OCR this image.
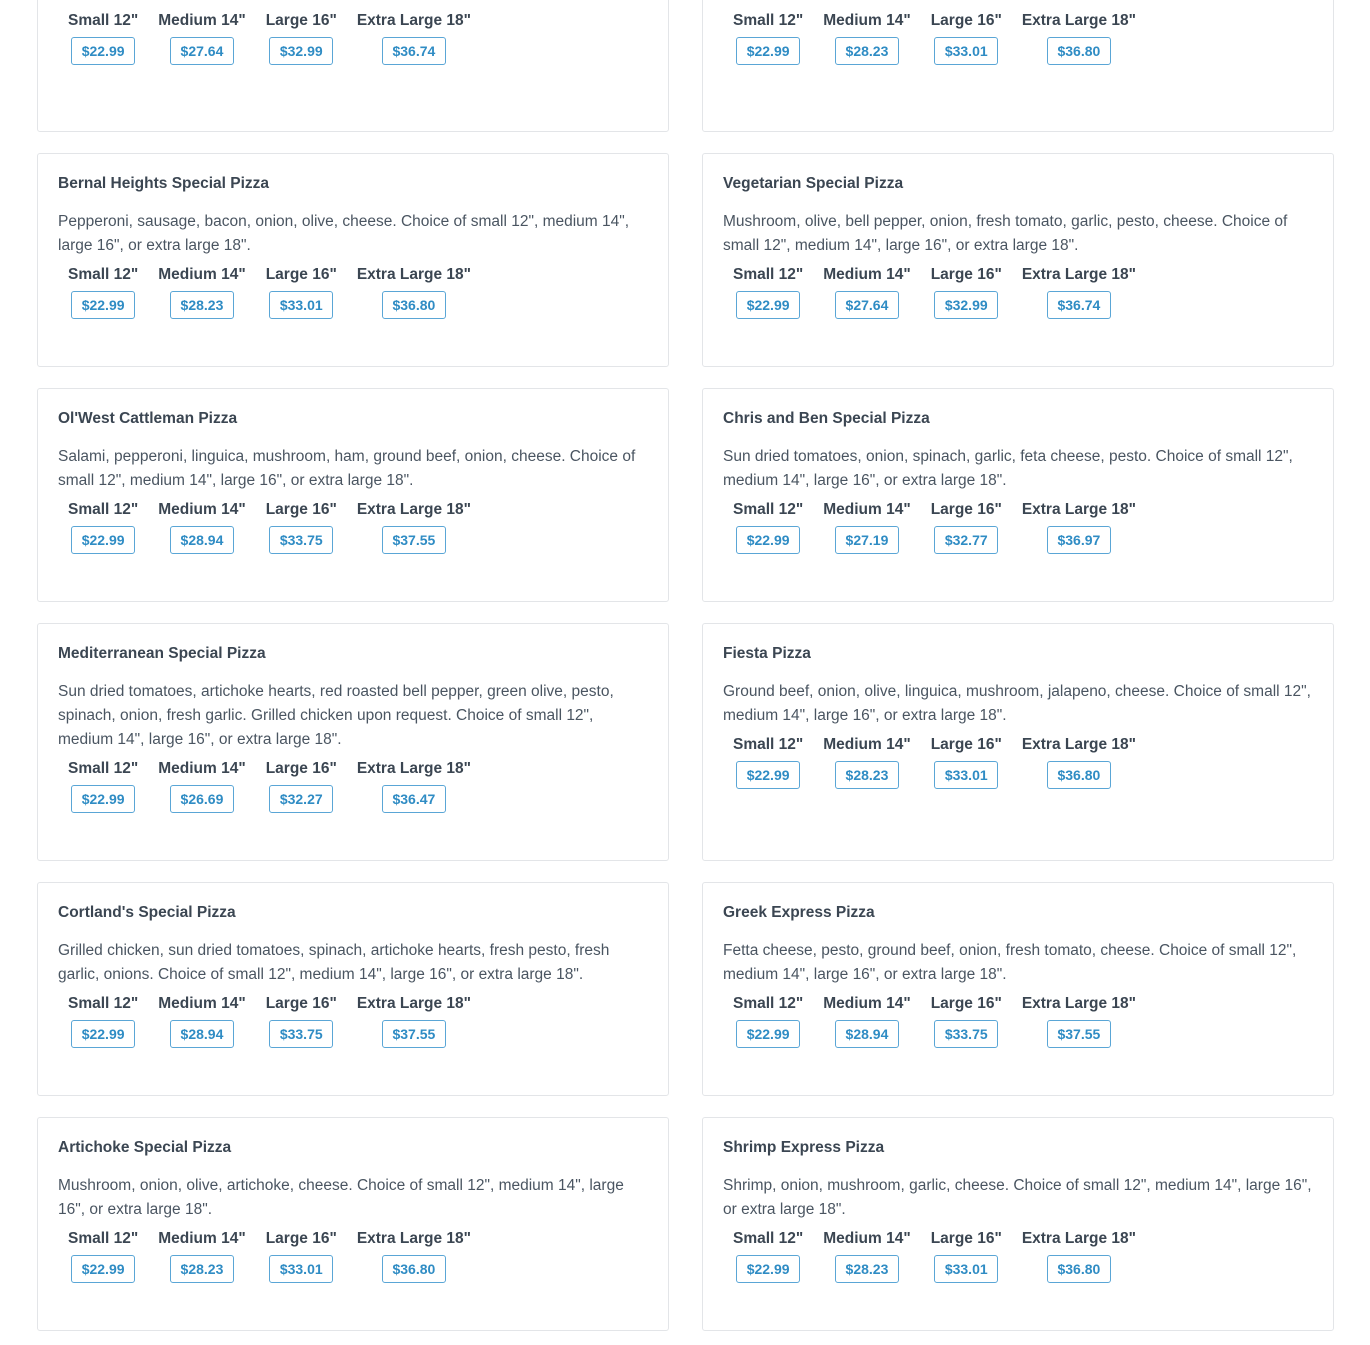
Small 12"
$22.99
Medium 14"
$27.64
Large 16"
$32.99
Extra Large 18"
$36.74

Small 12"
$22.99
Medium 14"
$28.23
Large 16"
$33.01
Extra Large 18"
$36.80
Bernal Heights Special Pizza

Pepperoni, sausage, bacon, onion, olive, cheese. Choice of small 12", medium 14", large 16", or extra large 18".

Small 12"
$22.99
Medium 14"
$28.23
Large 16"
$33.01
Extra Large 18"
$36.80
Vegetarian Special Pizza

Mushroom, olive, bell pepper, onion, fresh tomato, garlic, pesto, cheese. Choice of small 12", medium 14", large 16", or extra large 18".

Small 12"
$22.99
Medium 14"
$27.64
Large 16"
$32.99
Extra Large 18"
$36.74
Ol'West Cattleman Pizza

Salami, pepperoni, linguica, mushroom, ham, ground beef, onion, cheese. Choice of small 12", medium 14", large 16", or extra large 18".

Small 12"
$22.99
Medium 14"
$28.94
Large 16"
$33.75
Extra Large 18"
$37.55
Chris and Ben Special Pizza

Sun dried tomatoes, onion, spinach, garlic, feta cheese, pesto. Choice of small 12", medium 14", large 16", or extra large 18".

Small 12"
$22.99
Medium 14"
$27.19
Large 16"
$32.77
Extra Large 18"
$36.97
Mediterranean Special Pizza

Sun dried tomatoes, artichoke hearts, red roasted bell pepper, green olive, pesto, spinach, onion, fresh garlic. Grilled chicken upon request. Choice of small 12", medium 14", large 16", or extra large 18".

Small 12"
$22.99
Medium 14"
$26.69
Large 16"
$32.27
Extra Large 18"
$36.47
Fiesta Pizza

Ground beef, onion, olive, linguica, mushroom, jalapeno, cheese. Choice of small 12", medium 14", large 16", or extra large 18".

Small 12"
$22.99
Medium 14"
$28.23
Large 16"
$33.01
Extra Large 18"
$36.80
Cortland's Special Pizza

Grilled chicken, sun dried tomatoes, spinach, artichoke hearts, fresh pesto, fresh garlic, onions. Choice of small 12", medium 14", large 16", or extra large 18".

Small 12"
$22.99
Medium 14"
$28.94
Large 16"
$33.75
Extra Large 18"
$37.55
Greek Express Pizza

Fetta cheese, pesto, ground beef, onion, fresh tomato, cheese. Choice of small 12", medium 14", large 16", or extra large 18".

Small 12"
$22.99
Medium 14"
$28.94
Large 16"
$33.75
Extra Large 18"
$37.55
Artichoke Special Pizza

Mushroom, onion, olive, artichoke, cheese. Choice of small 12", medium 14", large 16", or extra large 18".

Small 12"
$22.99
Medium 14"
$28.23
Large 16"
$33.01
Extra Large 18"
$36.80
Shrimp Express Pizza

Shrimp, onion, mushroom, garlic, cheese. Choice of small 12", medium 14", large 16", or extra large 18".

Small 12"
$22.99
Medium 14"
$28.23
Large 16"
$33.01
Extra Large 18"
$36.80
